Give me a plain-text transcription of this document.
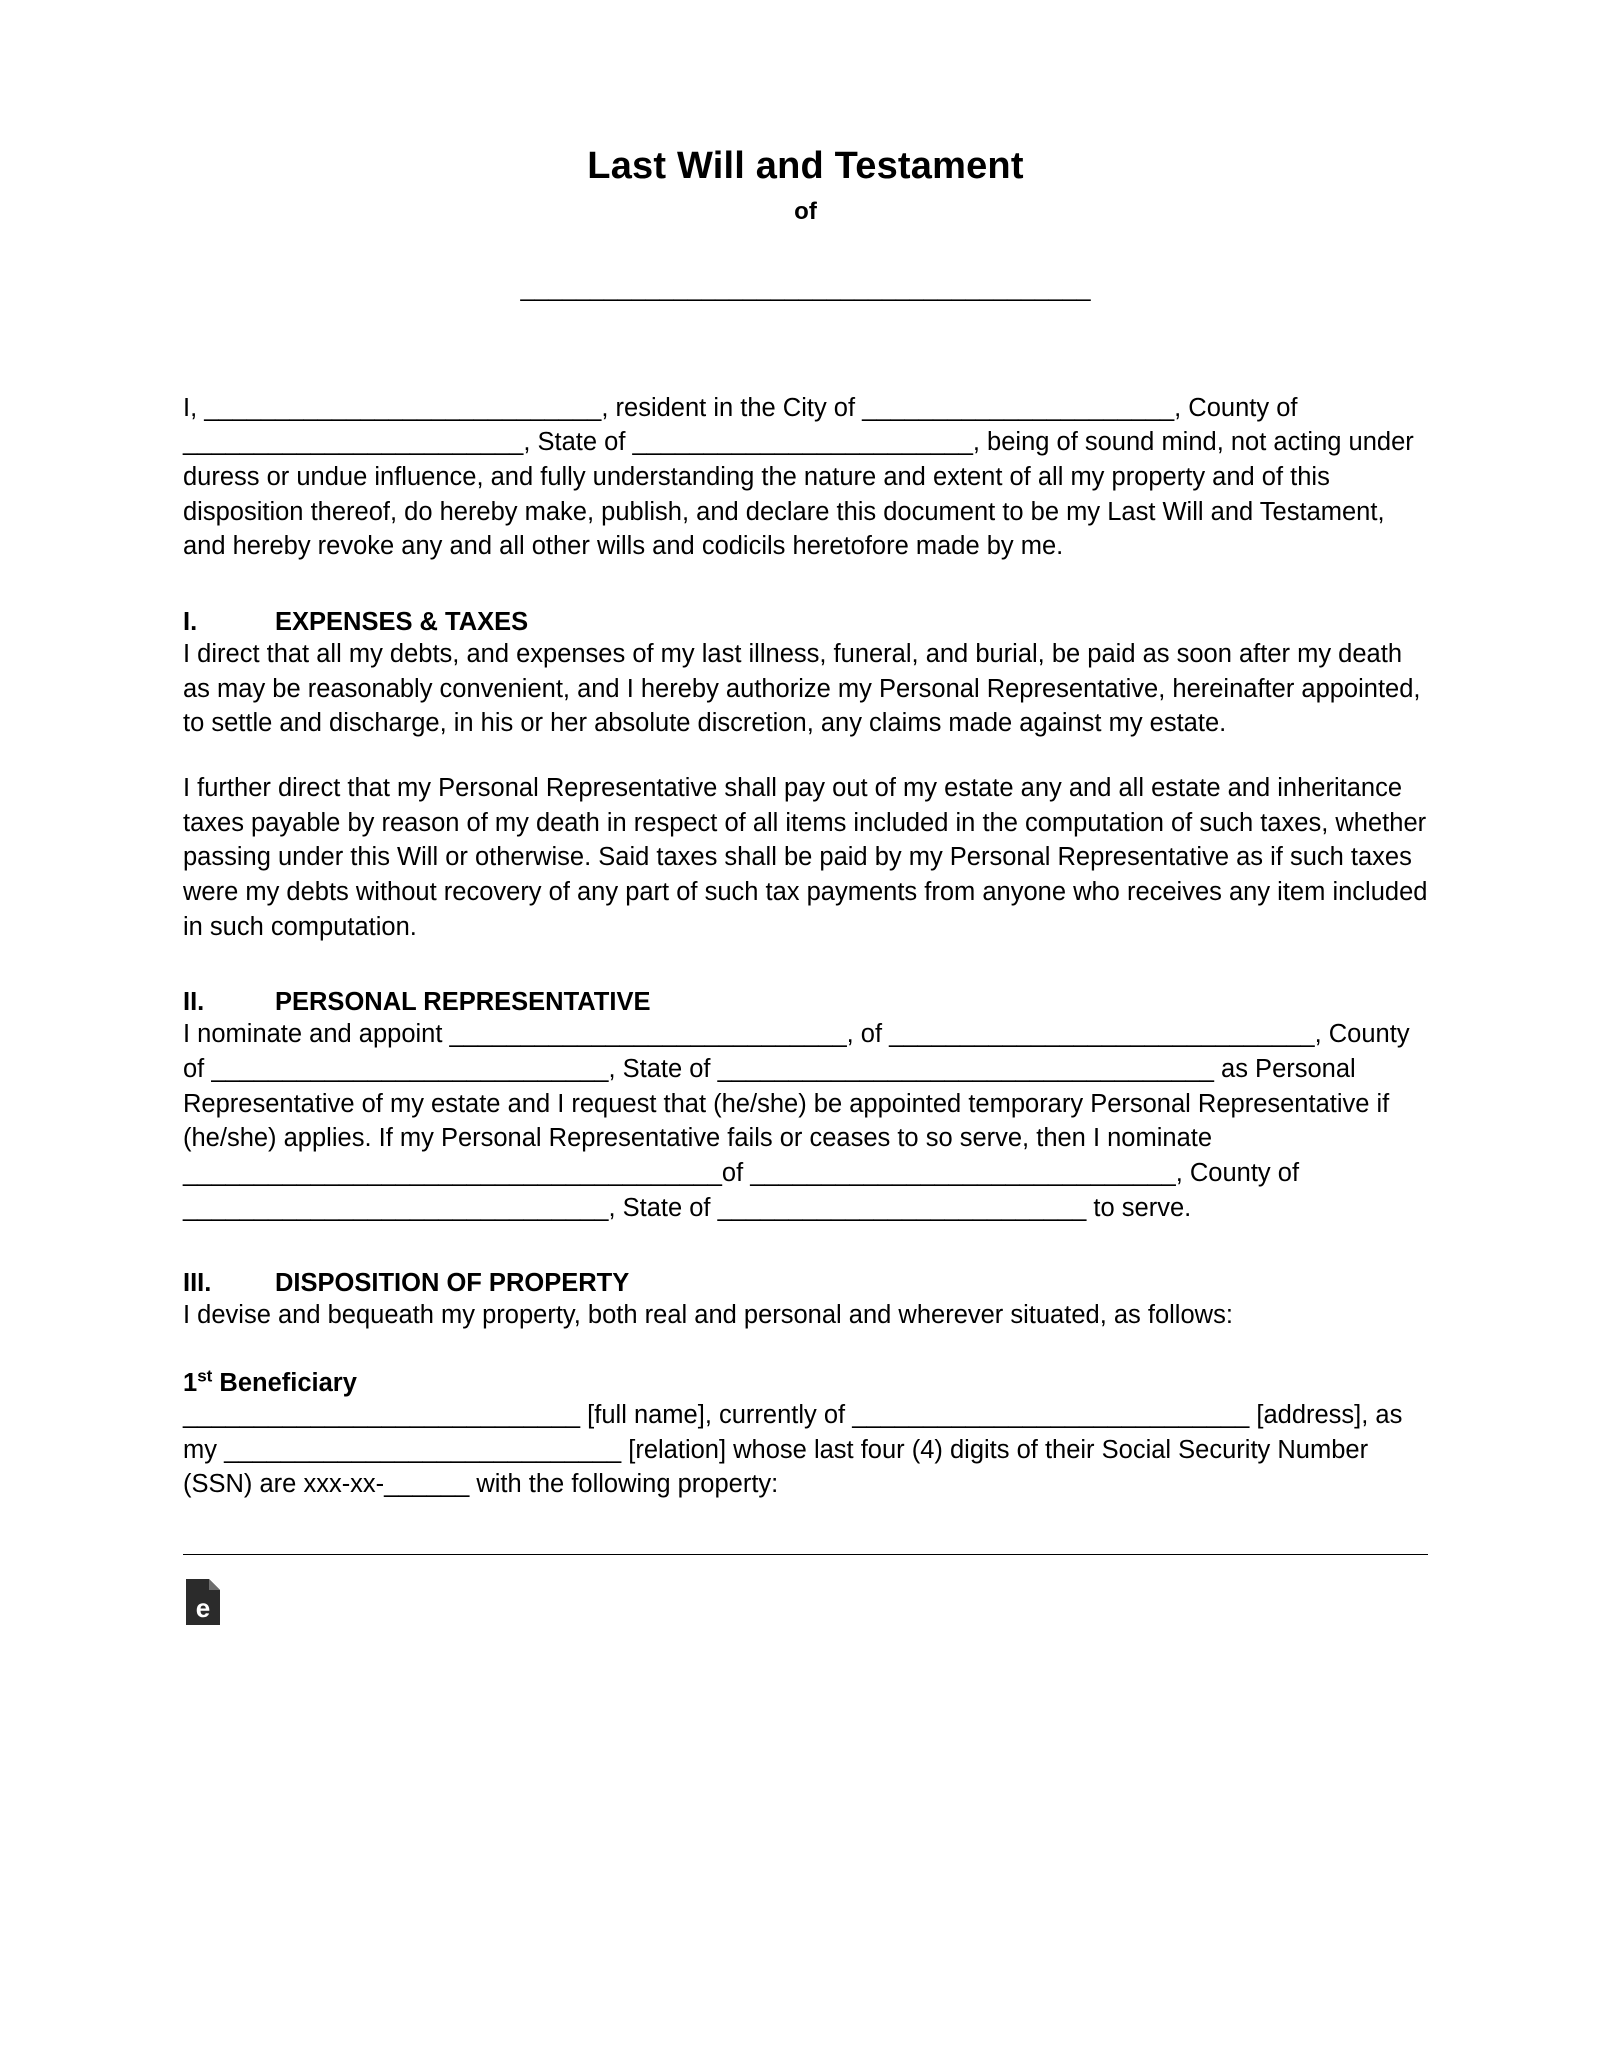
Last Will and Testament
of
_________________________________________

I, ____________________________, resident in the City of ______________________, County of ________________________, State of ________________________, being of sound mind, not acting under duress or undue influence, and fully understanding the nature and extent of all my property and of this disposition thereof, do hereby make, publish, and declare this document to be my Last Will and Testament, and hereby revoke any and all other wills and codicils heretofore made by me.

I.	EXPENSES & TAXES

I direct that all my debts, and expenses of my last illness, funeral, and burial, be paid as soon after my death as may be reasonably convenient, and I hereby authorize my Personal Representative, hereinafter appointed, to settle and discharge, in his or her absolute discretion, any claims made against my estate.

I further direct that my Personal Representative shall pay out of my estate any and all estate and inheritance taxes payable by reason of my death in respect of all items included in the computation of such taxes, whether passing under this Will or otherwise. Said taxes shall be paid by my Personal Representative as if such taxes were my debts without recovery of any part of such tax payments from anyone who receives any item included in such computation.

II.	PERSONAL REPRESENTATIVE

I nominate and appoint ____________________________, of ______________________________, County of ____________________________, State of ___________________________________ as Personal Representative of my estate and I request that (he/she) be appointed temporary Personal Representative if (he/she) applies. If my Personal Representative fails or ceases to so serve, then I nominate ______________________________________of ______________________________, County of ______________________________, State of __________________________ to serve.

III.	DISPOSITION OF PROPERTY

I devise and bequeath my property, both real and personal and wherever situated, as follows:

1st Beneficiary

____________________________ [full name], currently of ____________________________ [address], as my ____________________________ [relation] whose last four (4) digits of their Social Security Number (SSN) are xxx-xx-______ with the following property:

e
